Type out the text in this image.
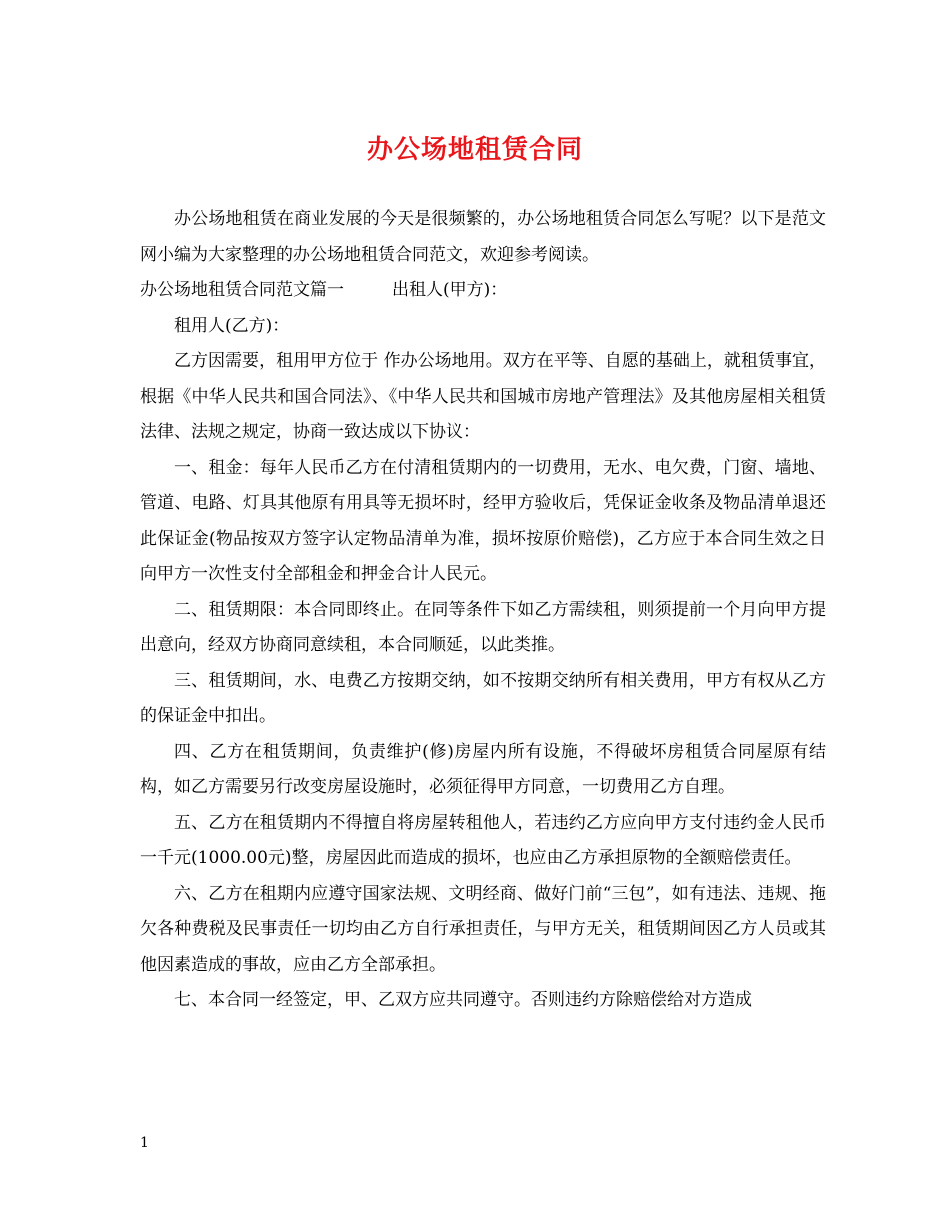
办公场地租赁合同

办公场地租赁在商业发展的今天是很频繁的，办公场地租赁合同怎么写呢？以下是范文网小编为大家整理的办公场地租赁合同范文，欢迎参考阅读。

办公场地租赁合同范文篇一	出租人(甲方)：

租用人(乙方)：

乙方因需要，租用甲方位于 作办公场地用。双方在平等、自愿的基础上，就租赁事宜，根据《中华人民共和国合同法》、《中华人民共和国城市房地产管理法》及其他房屋相关租赁法律、法规之规定，协商一致达成以下协议：

一、租金：每年人民币乙方在付清租赁期内的一切费用，无水、电欠费，门窗、墙地、管道、电路、灯具其他原有用具等无损坏时，经甲方验收后，凭保证金收条及物品清单退还此保证金(物品按双方签字认定物品清单为准，损坏按原价赔偿)，乙方应于本合同生效之日向甲方一次性支付全部租金和押金合计人民元。

二、租赁期限：本合同即终止。在同等条件下如乙方需续租，则须提前一个月向甲方提出意向，经双方协商同意续租，本合同顺延，以此类推。

三、租赁期间，水、电费乙方按期交纳，如不按期交纳所有相关费用，甲方有权从乙方的保证金中扣出。

四、乙方在租赁期间，负责维护(修)房屋内所有设施，不得破坏房租赁合同屋原有结构，如乙方需要另行改变房屋设施时，必须征得甲方同意，一切费用乙方自理。

五、乙方在租赁期内不得擅自将房屋转租他人，若违约乙方应向甲方支付违约金人民币一千元(1000.00元)整，房屋因此而造成的损坏，也应由乙方承担原物的全额赔偿责任。

六、乙方在租期内应遵守国家法规、文明经商、做好门前“三包”，如有违法、违规、拖欠各种费税及民事责任一切均由乙方自行承担责任，与甲方无关，租赁期间因乙方人员或其他因素造成的事故，应由乙方全部承担。

七、本合同一经签定，甲、乙双方应共同遵守。否则违约方除赔偿给对方造成

1
